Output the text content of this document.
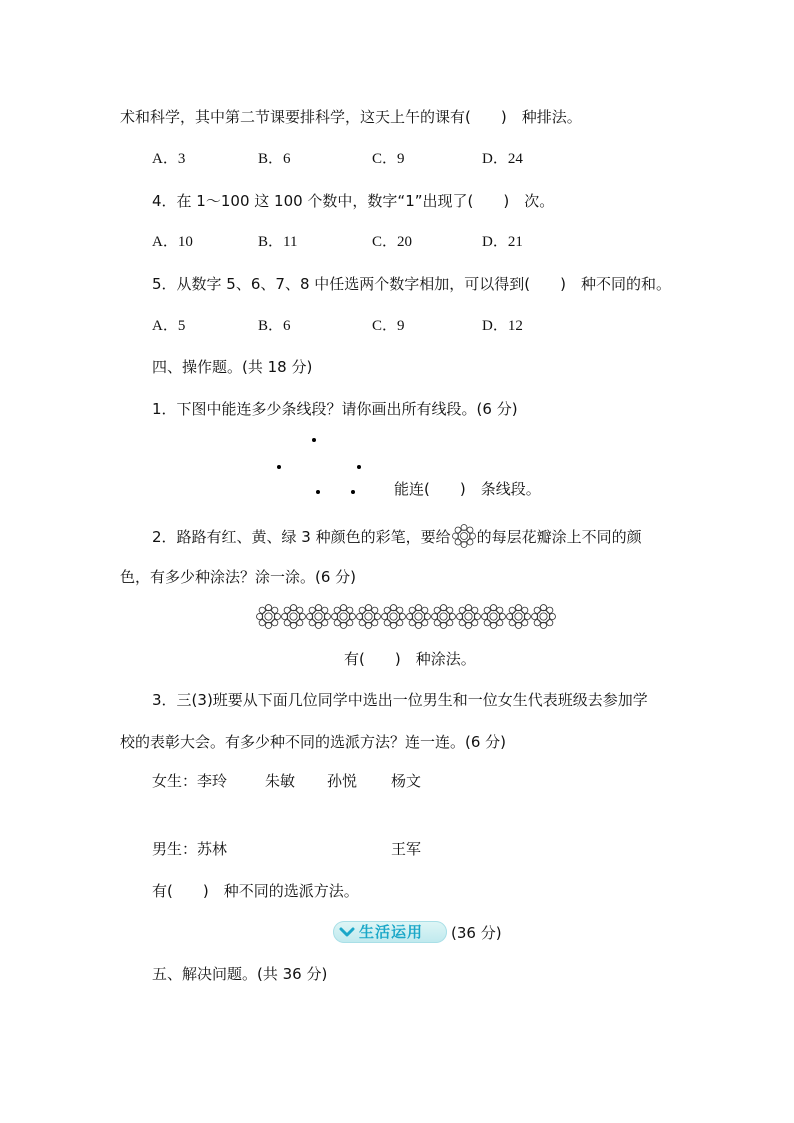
术和科学，其中第二节课要排科学，这天上午的课有(　　)　种排法。
A．3	B．6	C．9	D．24
4．在 1～100 这 100 个数中，数字“1”出现了(　　)　次。
A．10	B．11	C．20	D．21
5．从数字 5、6、7、8 中任选两个数字相加，可以得到(　　)　种不同的和。
A．5	B．6	C．9	D．12
四、操作题。(共 18 分)
1．下图中能连多少条线段？请你画出所有线段。(6 分)
能连(　　)　条线段。
2．路路有红、黄、绿 3 种颜色的彩笔，要给 的每层花瓣涂上不同的颜
色，有多少种涂法？涂一涂。(6 分)
有(　　)　种涂法。
3．三(3)班要从下面几位同学中选出一位男生和一位女生代表班级去参加学
校的表彰大会。有多少种不同的选派方法？连一连。(6 分)
女生：李玲	朱敏 孙悦 杨文
男生：苏林	王军
有(　　)　种不同的选派方法。
生活运用 (36 分)
五、解决问题。(共 36 分)
